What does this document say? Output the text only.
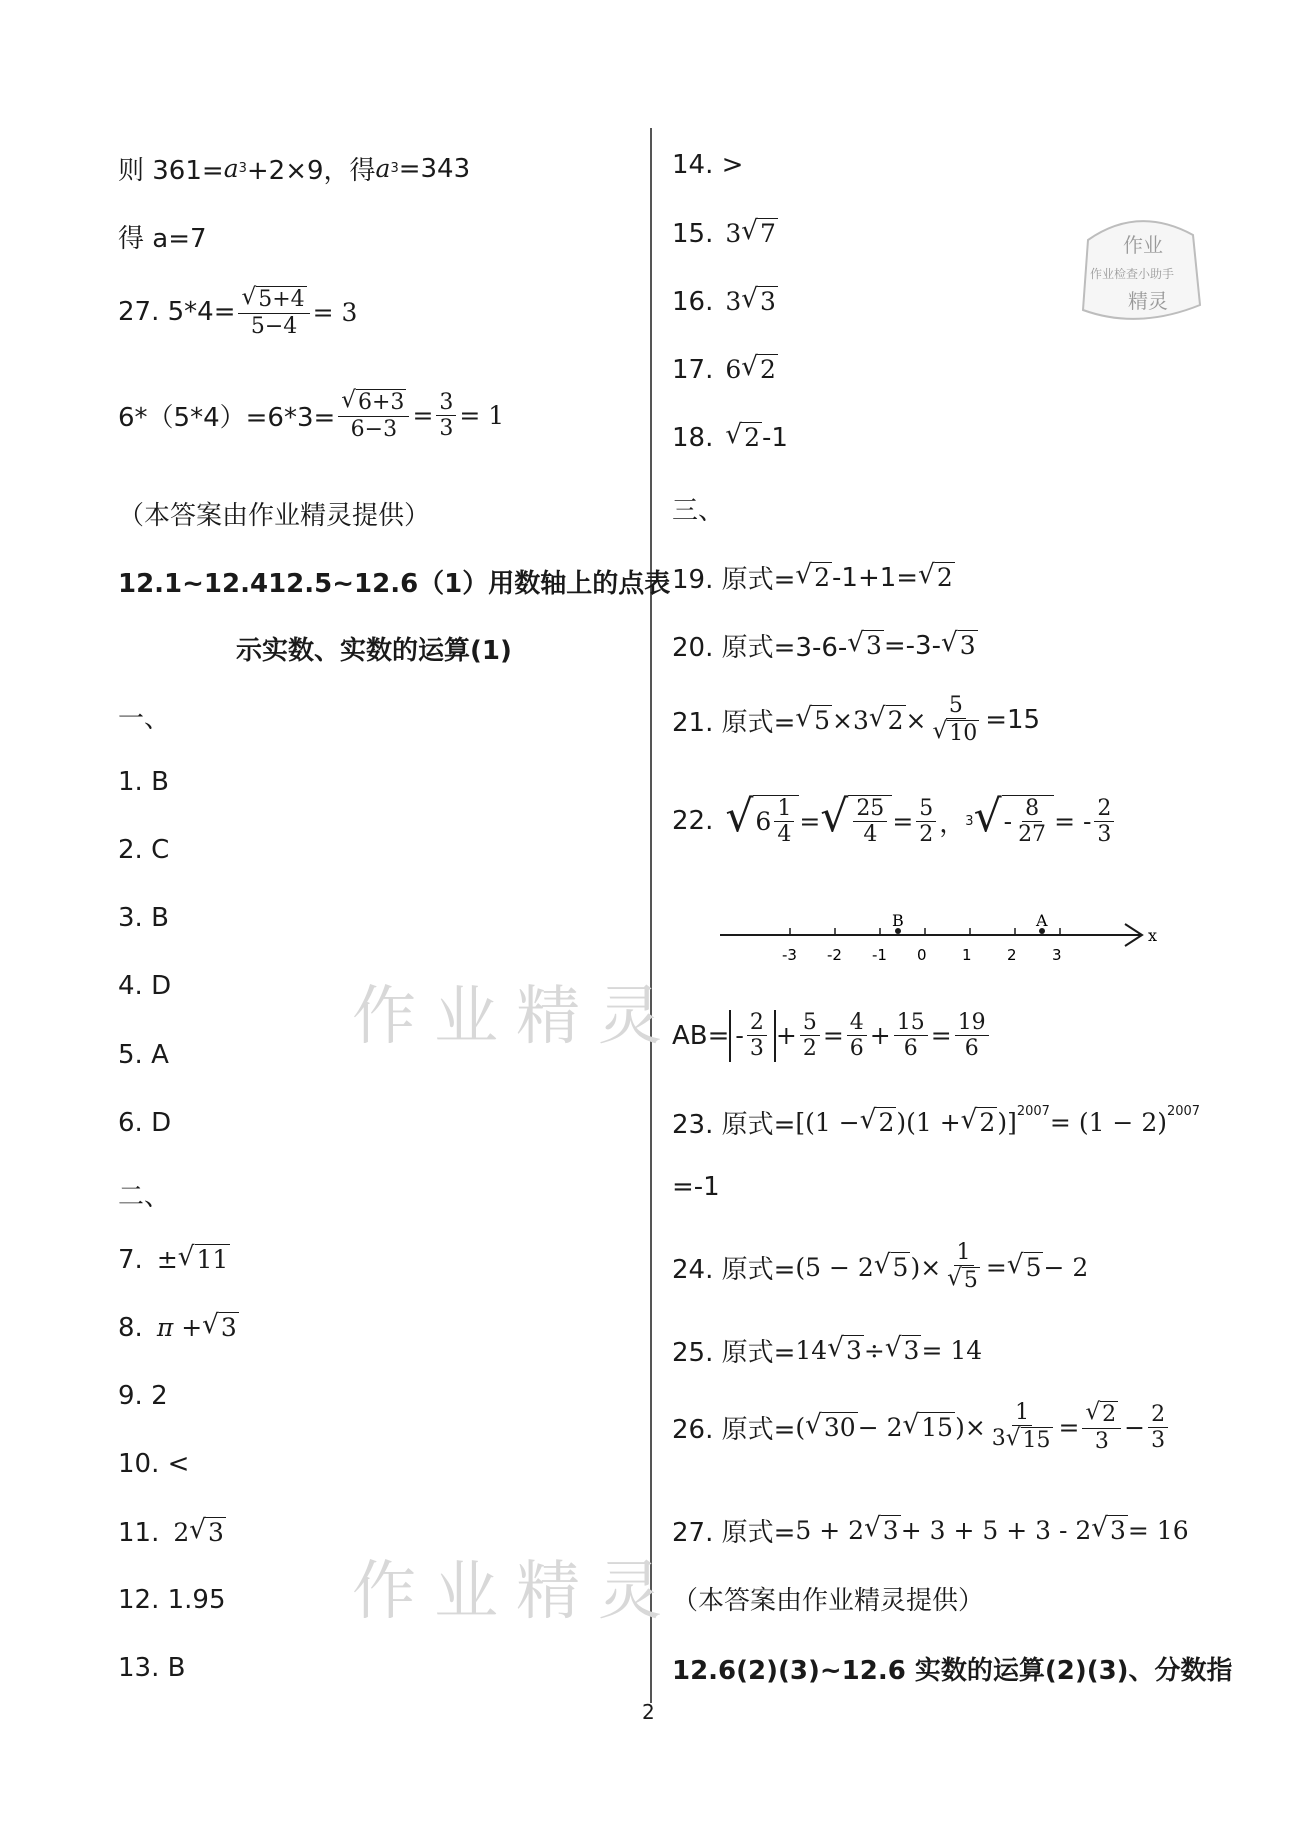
作业精灵
作业精灵
作业
作业检查小助手
精灵
则 361= a 3 +2×9，得 a 3 =343
得 a=7
27. $5*4= \frac{√ 5+4}{5-4} = 3$
$6*(5*4)=6*3= \frac{√ 6+3}{6-3} = \frac{3}{3} = 1$
（本答案由作业精灵提供）
12.1~12.412.5~12.6（1）用数轴上的点表
示实数、实数的运算(1)
一、
1. B
2. C
3. B
4. D
5. A
6. D
二、
7. ± √ 11
8. π + √ 3
9. 2
10. <
11. 2 √ 3
12. 1.95
13. B
14. >
15. 3 √ 7
16. 3 √ 3
17. 6 √ 2
18. √ 2 -1
三、
19. 原式= √ 2 -1+1= √ 2
20. 原式=3-6- √ 3 =-3- √ 3
21. 原式= √ 5 ×3 √ $2 \times \frac{5}{√ 10} =15$
22. √ $6 \frac{1}{4}$ = √ $\frac{25}{4} = \frac{5}{2}$ ， 3 √ - $\frac{8}{27}$ = - $\frac{2}{3}$
-3 -2 -1 0 1 2 3
B	A
x
$AB= - \frac{2}{3} + \frac{5}{2} = \frac{4}{6} + \frac{15}{6} = \frac{19}{6}$
23. 原式= [(1 − √ 2 )(1 + √ 2 )]$^{2007} = (1 - 2)^{2007}$
=-1
24. 原式= (5 − 2 √ 5 )× $\frac{1}{√ 5}$ = √ 5 − 2
25. 原式= 14 √ 3 ÷ √ 3 = 14
26. 原式= ( √ 30 − 2 √ 15 )× $\frac{1}{3 √ 15} = \frac{√ 2}{3} - \frac{2}{3}$
27. 原式= 5 + 2 √ 3 + 3 + 5 + 3 - 2 √ 3 = 16
（本答案由作业精灵提供）
12.6(2)(3)~12.6 实数的运算(2)(3)、分数指
2
